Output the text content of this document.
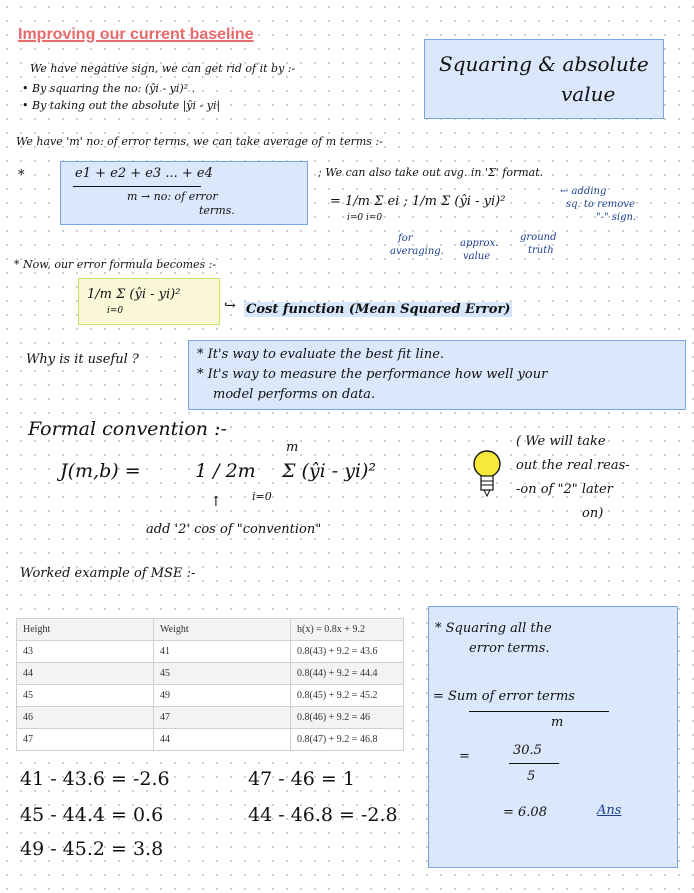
Improving our current baseline
We have negative sign, we can get rid of it by :-
• By squaring the no: (ŷi - yi)² .
• By taking out the absolute |ŷi - yi|
Squaring & absolute
value
We have 'm' no: of error terms, we can take average of m terms :-
*	e1 + e2 + e3 ... + e4
m → no: of error
terms.
; We can also take out avg. in 'Σ' format.
= 1/m Σ ei ; 1/m Σ (ŷi - yi)²
i=0 i=0
← adding
sq. to remove
"-" sign.
for
averaging.
approx.
value
ground
truth
* Now, our error formula becomes :-
1/m Σ (ŷi - yi)²
i=0	↪ Cost function (Mean Squared Error)
Why is it useful ?	* It's way to evaluate the best fit line.
* It's way to measure the performance how well your
model performs on data.
Formal convention :-
J(m,b) =	1 / 2m Σ (ŷi - yi)²
m
i=0
↑
add '2' cos of "convention"
( We will take
out the real reas-
-on of "2" later
on)
Worked example of MSE :-
Height	Weight	h(x) = 0.8x + 9.2
43	41	0.8(43) + 9.2 = 43.6
44	45	0.8(44) + 9.2 = 44.4
45	49	0.8(45) + 9.2 = 45.2
46	47	0.8(46) + 9.2 = 46
47	44	0.8(47) + 9.2 = 46.8
* Squaring all the
error terms.
= Sum of error terms
m
=	30.5
5
= 6.08	Ans
41 - 43.6 = -2.6	47 - 46 = 1
45 - 44.4 = 0.6	44 - 46.8 = -2.8
49 - 45.2 = 3.8
